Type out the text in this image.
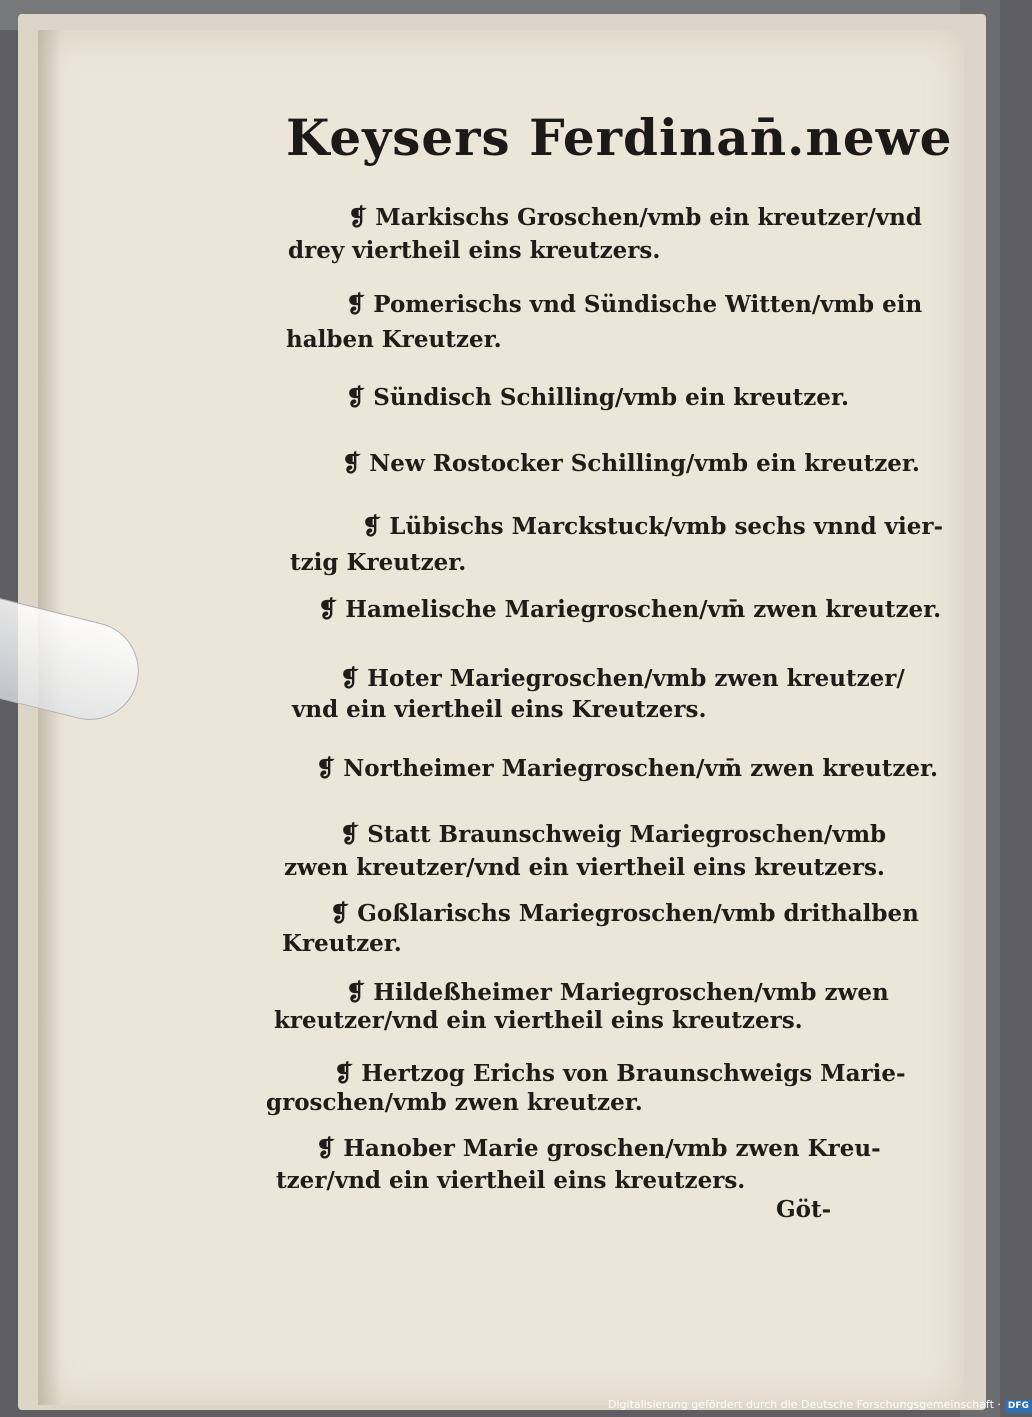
Keysers Ferdinan̄.newe
❡ Markischs Groschen/vmb ein kreutzer/vnd
drey viertheil eins kreutzers.
❡ Pomerischs vnd Sündische Witten/vmb ein
halben Kreutzer.
❡ Sündisch Schilling/vmb ein kreutzer.
❡ New Rostocker Schilling/vmb ein kreutzer.
❡ Lübischs Marckstuck/vmb sechs vnnd vier-
tzig Kreutzer.
❡ Hamelische Mariegroschen/vm̄ zwen kreutzer.
❡ Hoter Mariegroschen/vmb zwen kreutzer/
vnd ein viertheil eins Kreutzers.
❡ Northeimer Mariegroschen/vm̄ zwen kreutzer.
❡ Statt Braunschweig Mariegroschen/vmb
zwen kreutzer/vnd ein viertheil eins kreutzers.
❡ Goßlarischs Mariegroschen/vmb drithalben
Kreutzer.
❡ Hildeßheimer Mariegroschen/vmb zwen
kreutzer/vnd ein viertheil eins kreutzers.
❡ Hertzog Erichs von Braunschweigs Marie-
groschen/vmb zwen kreutzer.
❡ Hanober Marie groschen/vmb zwen Kreu-
tzer/vnd ein viertheil eins kreutzers.
Göt-
Digitalisierung gefördert durch die Deutsche Forschungsgemeinschaft · DFG
